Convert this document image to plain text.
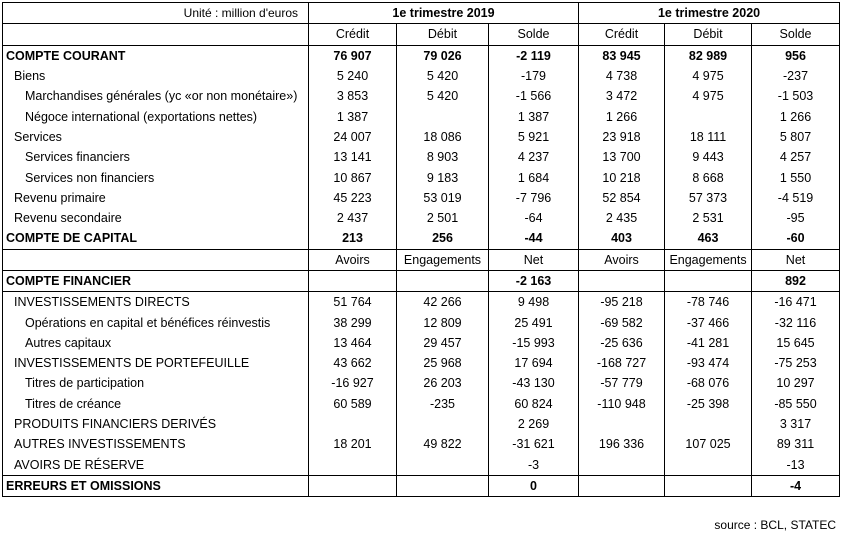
Unité : million d'euros	1e trimestre 2019			1e trimestre 2020		
	Crédit	Débit	Solde	Crédit	Débit	Solde
COMPTE COURANT	76 907	79 026	-2 119	83 945	82 989	956
Biens	5 240	5 420	-179	4 738	4 975	-237
Marchandises générales (yc «or non monétaire»)	3 853	5 420	-1 566	3 472	4 975	-1 503
Négoce international (exportations nettes)	1 387		1 387	1 266		1 266
Services	24 007	18 086	5 921	23 918	18 111	5 807
Services financiers	13 141	8 903	4 237	13 700	9 443	4 257
Services non financiers	10 867	9 183	1 684	10 218	8 668	1 550
Revenu primaire	45 223	53 019	-7 796	52 854	57 373	-4 519
Revenu secondaire	2 437	2 501	-64	2 435	2 531	-95
COMPTE DE CAPITAL	213	256	-44	403	463	-60
	Avoirs	Engagements	Net	Avoirs	Engagements	Net
COMPTE FINANCIER			-2 163			892
INVESTISSEMENTS DIRECTS	51 764	42 266	9 498	-95 218	-78 746	-16 471
Opérations en capital et bénéfices réinvestis	38 299	12 809	25 491	-69 582	-37 466	-32 116
Autres capitaux	13 464	29 457	-15 993	-25 636	-41 281	15 645
INVESTISSEMENTS DE PORTEFEUILLE	43 662	25 968	17 694	-168 727	-93 474	-75 253
Titres de participation	-16 927	26 203	-43 130	-57 779	-68 076	10 297
Titres de créance	60 589	-235	60 824	-110 948	-25 398	-85 550
PRODUITS FINANCIERS DERIVÉS			2 269			3 317
AUTRES INVESTISSEMENTS	18 201	49 822	-31 621	196 336	107 025	89 311
AVOIRS DE RÉSERVE			-3			-13
ERREURS ET OMISSIONS			0			-4
source : BCL, STATEC
